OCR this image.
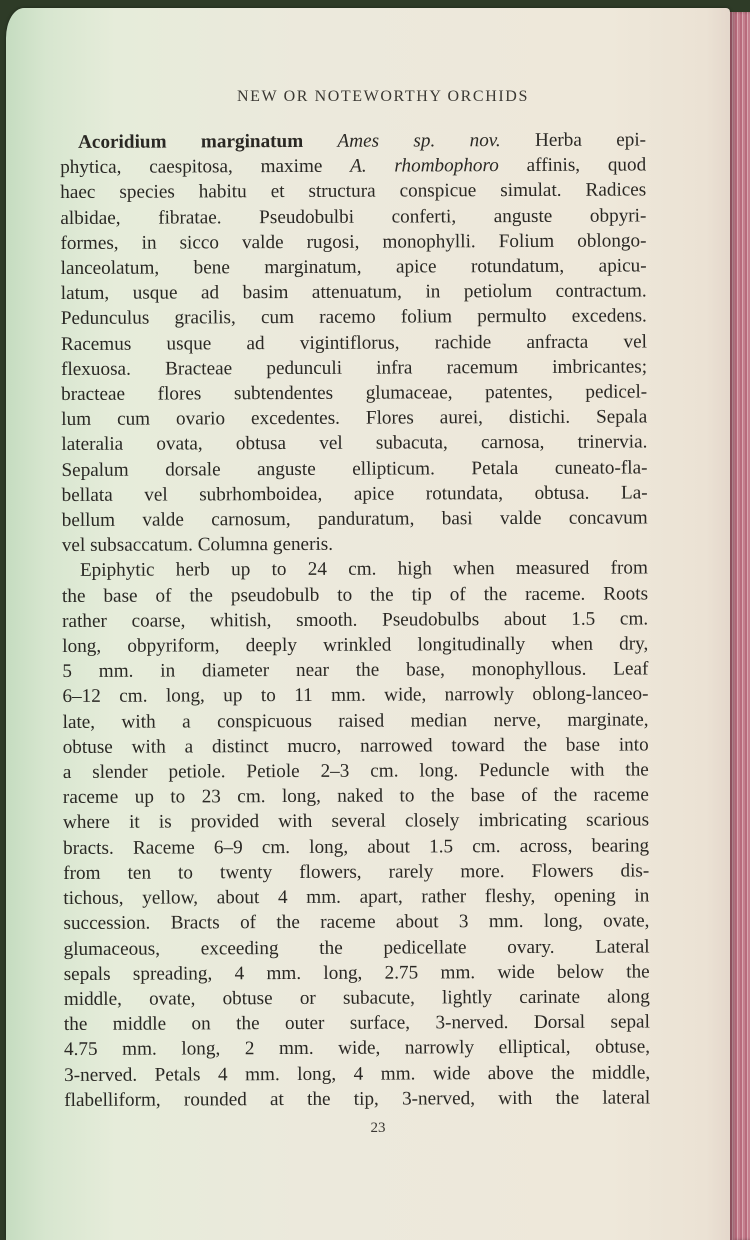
NEW OR NOTEWORTHY ORCHIDS
Acoridium marginatum Ames sp. nov. Herba epi-
phytica, caespitosa, maxime A. rhombophoro affinis, quod
haec species habitu et structura conspicue simulat. Radices
albidae, fibratae. Pseudobulbi conferti, anguste obpyri-
formes, in sicco valde rugosi, monophylli. Folium oblongo-
lanceolatum, bene marginatum, apice rotundatum, apicu-
latum, usque ad basim attenuatum, in petiolum contractum.
Pedunculus gracilis, cum racemo folium permulto excedens.
Racemus usque ad vigintiflorus, rachide anfracta vel
flexuosa. Bracteae pedunculi infra racemum imbricantes;
bracteae flores subtendentes glumaceae, patentes, pedicel-
lum cum ovario excedentes. Flores aurei, distichi. Sepala
lateralia ovata, obtusa vel subacuta, carnosa, trinervia.
Sepalum dorsale anguste ellipticum. Petala cuneato-fla-
bellata vel subrhomboidea, apice rotundata, obtusa. La-
bellum valde carnosum, panduratum, basi valde concavum
vel subsaccatum. Columna generis.
Epiphytic herb up to 24 cm. high when measured from
the base of the pseudobulb to the tip of the raceme. Roots
rather coarse, whitish, smooth. Pseudobulbs about 1.5 cm.
long, obpyriform, deeply wrinkled longitudinally when dry,
5 mm. in diameter near the base, monophyllous. Leaf
6–12 cm. long, up to 11 mm. wide, narrowly oblong-lanceo-
late, with a conspicuous raised median nerve, marginate,
obtuse with a distinct mucro, narrowed toward the base into
a slender petiole. Petiole 2–3 cm. long. Peduncle with the
raceme up to 23 cm. long, naked to the base of the raceme
where it is provided with several closely imbricating scarious
bracts. Raceme 6–9 cm. long, about 1.5 cm. across, bearing
from ten to twenty flowers, rarely more. Flowers dis-
tichous, yellow, about 4 mm. apart, rather fleshy, opening in
succession. Bracts of the raceme about 3 mm. long, ovate,
glumaceous, exceeding the pedicellate ovary. Lateral
sepals spreading, 4 mm. long, 2.75 mm. wide below the
middle, ovate, obtuse or subacute, lightly carinate along
the middle on the outer surface, 3-nerved. Dorsal sepal
4.75 mm. long, 2 mm. wide, narrowly elliptical, obtuse,
3-nerved. Petals 4 mm. long, 4 mm. wide above the middle,
flabelliform, rounded at the tip, 3-nerved, with the lateral
23
